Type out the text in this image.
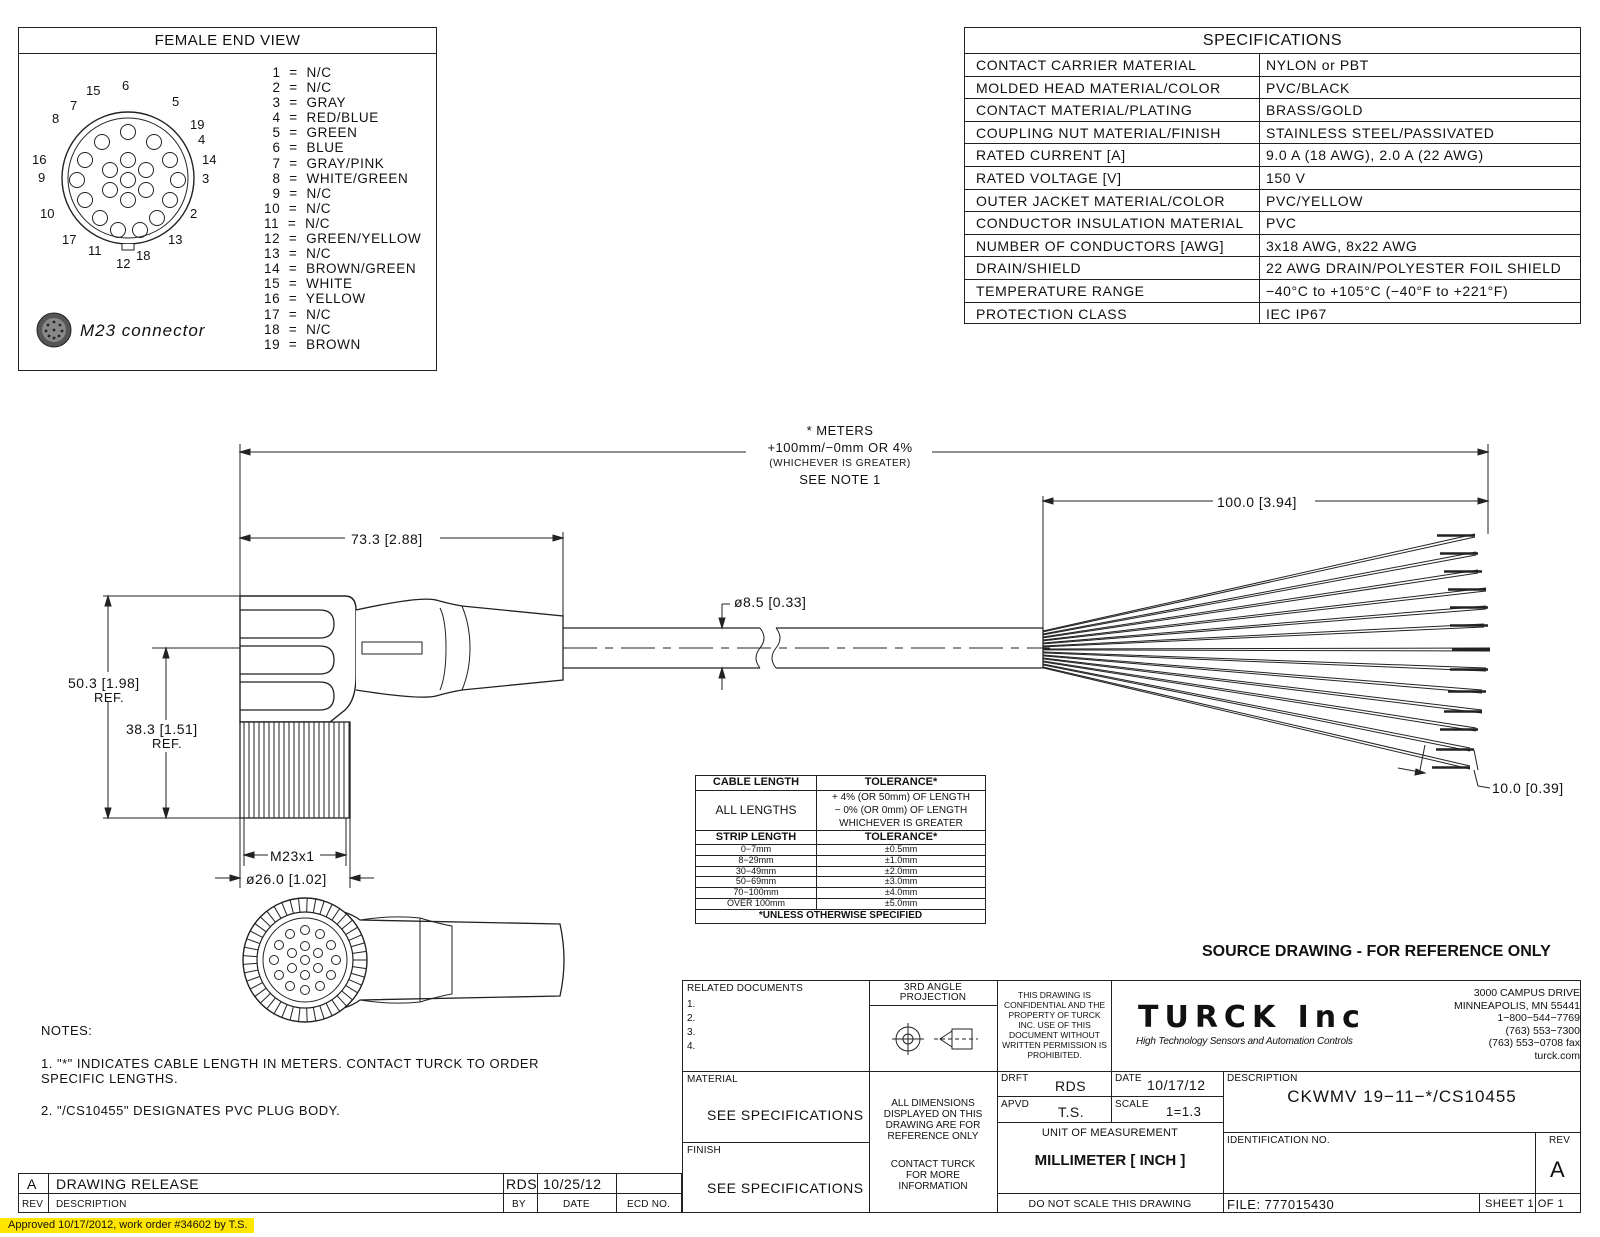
FEMALE END VIEW
15 6
7	5
8	19
4
16	14
9	3
10	2
17
11
13
12
18
1  =  N/C
2  =  N/C
3  =  GRAY
4  =  RED/BLUE
5  =  GREEN
6  =  BLUE
7  =  GRAY/PINK
8  =  WHITE/GREEN
9  =  N/C
10  =  N/C
11  =  N/C
12  =  GREEN/YELLOW
13  =  N/C
14  =  BROWN/GREEN
15  =  WHITE
16  =  YELLOW
17  =  N/C
18  =  N/C
19  =  BROWN
M23 connector
SPECIFICATIONS
CONTACT CARRIER MATERIAL	NYLON or PBT
MOLDED HEAD MATERIAL/COLOR	PVC/BLACK
CONTACT MATERIAL/PLATING	BRASS/GOLD
COUPLING NUT MATERIAL/FINISH	STAINLESS STEEL/PASSIVATED
RATED CURRENT [A]	9.0 A (18 AWG), 2.0 A (22 AWG)
RATED VOLTAGE [V]	150 V
OUTER JACKET MATERIAL/COLOR	PVC/YELLOW
CONDUCTOR INSULATION MATERIAL PVC
NUMBER OF CONDUCTORS [AWG]	3x18 AWG, 8x22 AWG
DRAIN/SHIELD	22 AWG DRAIN/POLYESTER FOIL SHIELD
TEMPERATURE RANGE	−40°C to +105°C (−40°F to +221°F)
PROTECTION CLASS	IEC IP67
* METERS
+100mm/−0mm OR 4%
(WHICHEVER IS GREATER)
SEE NOTE 1
100.0 [3.94]
73.3 [2.88]
ø8.5 [0.33]
50.3 [1.98]
REF.
38.3 [1.51]
REF.
M23x1
ø26.0 [1.02]
10.0 [0.39]
CABLE LENGTH	TOLERANCE*
ALL LENGTHS	+ 4% (OR 50mm) OF LENGTH
− 0% (OR 0mm) OF LENGTH
WHICHEVER IS GREATER

STRIP LENGTH	TOLERANCE*
0−7mm	±0.5mm
8−29mm	±1.0mm
30−49mm	±2.0mm
50−69mm	±3.0mm
70−100mm	±4.0mm
OVER 100mm	±5.0mm
*UNLESS OTHERWISE SPECIFIED	
SOURCE DRAWING - FOR REFERENCE ONLY
NOTES:
1. "*" INDICATES CABLE LENGTH IN METERS. CONTACT TURCK TO ORDER
SPECIFIC LENGTHS.
2. "/CS10455" DESIGNATES PVC PLUG BODY.
A DRAWING RELEASE	RDS 10/25/12
REV DESCRIPTION	BY	DATE	ECD NO.
RELATED DOCUMENTS
1.
2.
3.
4.
3RD ANGLE
PROJECTION	THIS DRAWING IS
CONFIDENTIAL AND THE
PROPERTY OF TURCK
INC. USE OF THIS
DOCUMENT WITHOUT
WRITTEN PERMISSION IS
PROHIBITED.
TURCK Inc
High Technology Sensors and Automation Controls
3000 CAMPUS DRIVE
MINNEAPOLIS, MN 55441
1−800−544−7769
(763) 553−7300
(763) 553−0708 fax
turck.com
MATERIAL
SEE SPECIFICATIONS
FINISH
SEE SPECIFICATIONS
ALL DIMENSIONS
DISPLAYED ON THIS
DRAWING ARE FOR
REFERENCE ONLY
CONTACT TURCK
FOR MORE
INFORMATION
DRFT RDS	DATE 10/17/12
APVD T.S.	SCALE 1=1.3
UNIT OF MEASUREMENT
MILLIMETER [ INCH ]
DO NOT SCALE THIS DRAWING
DESCRIPTION
CKWMV 19−11−*/CS10455
IDENTIFICATION NO.	REV
A
FILE: 777015430	SHEET 1 OF 1
Approved 10/17/2012, work order #34602 by T.S.
